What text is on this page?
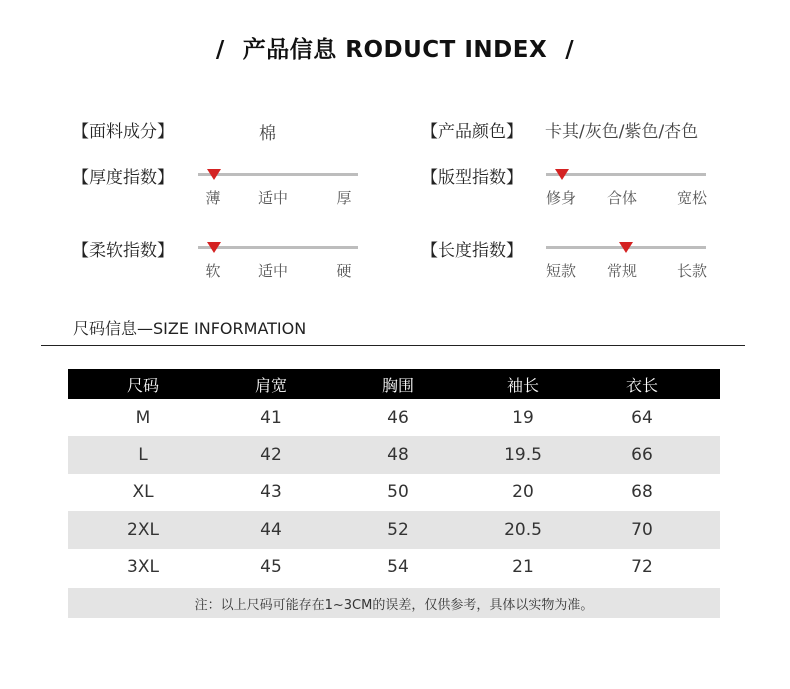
/ 产品信息 RODUCT INDEX /
【面料成分】	棉	【产品颜色】 卡其/灰色/紫色/杏色
【厚度指数】
薄 适中	厚
【版型指数】
修身 合体	宽松
【柔软指数】
软 适中	硬
【长度指数】
短款 常规	长款
尺码信息—SIZE INFORMATION
尺码	肩宽	胸围	袖长	衣长
M	41	46	19	64
L	42	48	19.5	66
XL	43	50	20	68
2XL	44	52	20.5	70
3XL	45	54	21	72
注：以上尺码可能存在1~3CM的误差，仅供参考，具体以实物为准。
